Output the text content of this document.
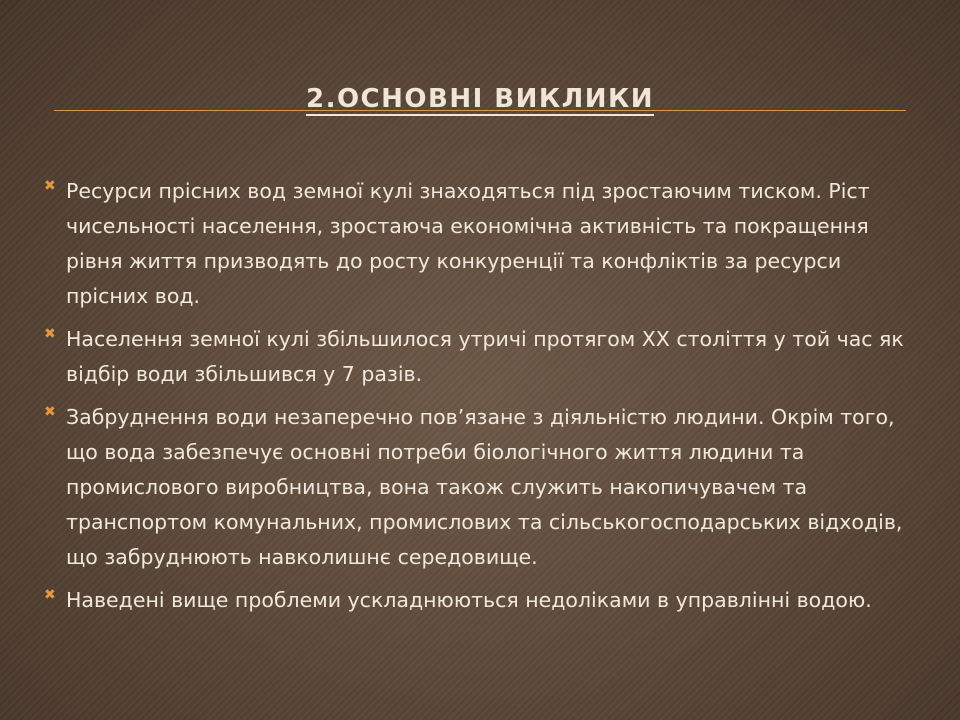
2.ОСНОВНІ ВИКЛИКИ
✖ Ресурси прісних вод земної кулі знаходяться під зростаючим тиском. Ріст чисельності населення, зростаюча економічна активність та покращення рівня життя призводять до росту конкуренції та конфліктів за ресурси прісних вод.
✖ Населення земної кулі збільшилося утричі протягом ХХ століття у той час як відбір води збільшився у 7 разів.
✖ Забруднення води незаперечно пов’язане з діяльністю людини. Окрім того, що вода забезпечує основні потреби біологічного життя людини та промислового виробництва, вона також служить накопичувачем та транспортом комунальних, промислових та сільськогосподарських відходів, що забруднюють навколишнє середовище.
✖ Наведені вище проблеми ускладнюються недоліками в управлінні водою.
